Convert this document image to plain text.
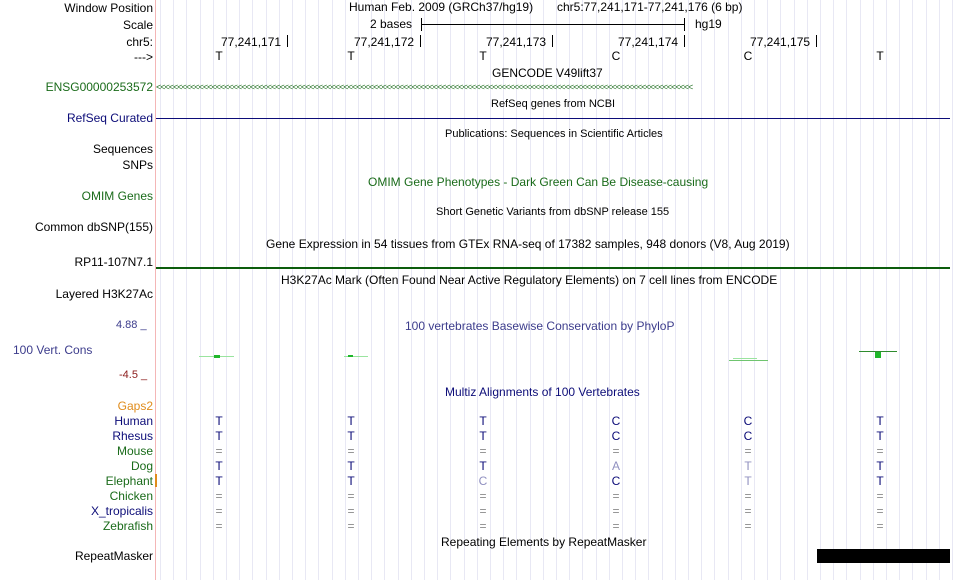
Window Position	Human Feb. 2009 (GRCh37/hg19) chr5:77,241,171-77,241,176 (6 bp)
Scale	2 bases	hg19
chr5:	77,241,171	77,241,172	77,241,173	77,241,174	77,241,175
--->	T	T	T	C	C	T
GENCODE V49lift37
ENSG00000253572 <<<<<<<<<<<<<<<<<<<<<<<<<<<<<<<<<<<<<<<<<<<<<<<<<<<<<<<<<<<<<<<<<<<<<<<<<<<<<<<<<<<<<<<<<<<<<<<<<<<<<<<<<<<<<<<<<<<<<<<<<<<<<<
RefSeq genes from NCBI
RefSeq Curated
Publications: Sequences in Scientific Articles
Sequences
SNPs
OMIM Gene Phenotypes - Dark Green Can Be Disease-causing
OMIM Genes
Short Genetic Variants from dbSNP release 155
Common dbSNP(155)
Gene Expression in 54 tissues from GTEx RNA-seq of 17382 samples, 948 donors (V8, Aug 2019)
RP11-107N7.1
H3K27Ac Mark (Often Found Near Active Regulatory Elements) on 7 cell lines from ENCODE
Layered H3K27Ac
4.88 _	100 vertebrates Basewise Conservation by PhyloP
100 Vert. Cons
-4.5 _
Multiz Alignments of 100 Vertebrates
Gaps2
Human	T	T	T	C	C	T
Rhesus	T	T	T	C	C	T
Mouse	=	=	=	=	=	=
Dog	T	T	T	A	T	T
Elephant	T	T	C	C	T	T
Chicken	=	=	=	=	=	=
X_tropicalis	=	=	=	=	=	=
Zebrafish	=	=	=	=	=	=
Repeating Elements by RepeatMasker
RepeatMasker
